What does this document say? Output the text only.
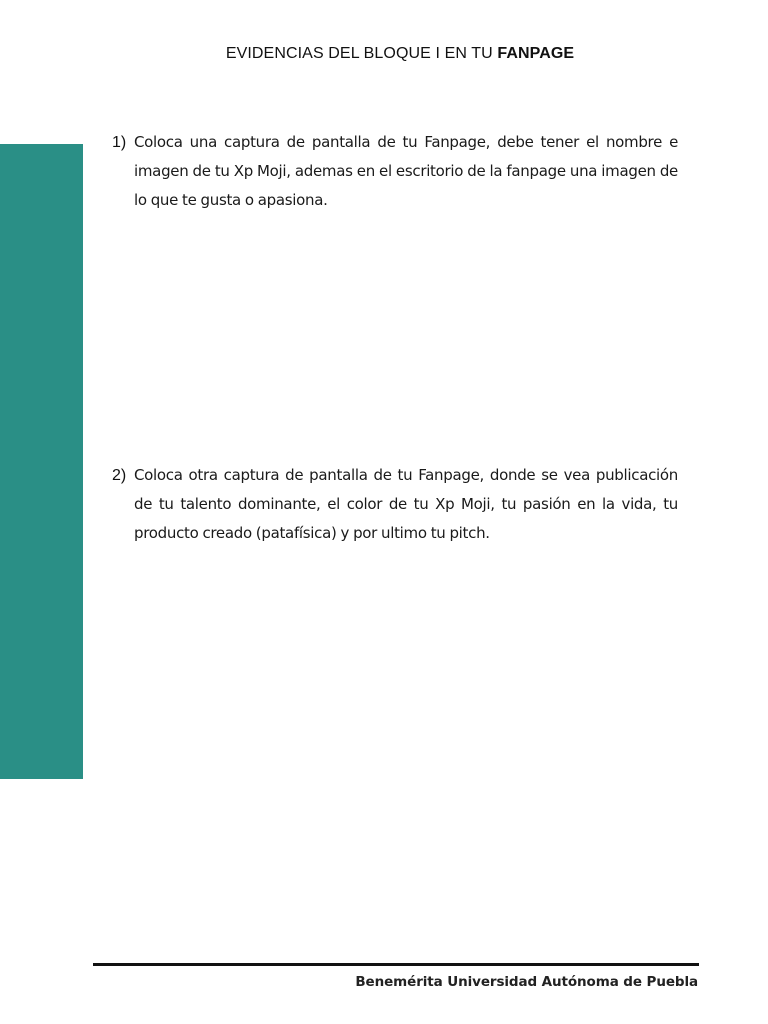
EVIDENCIAS DEL BLOQUE I EN TU FANPAGE
1) Coloca una captura de pantalla de tu Fanpage, debe tener el nombre e imagen de tu Xp Moji, ademas en el escritorio de la fanpage una imagen de lo que te gusta o apasiona.
2) Coloca otra captura de pantalla de tu Fanpage, donde se vea publicación de tu talento dominante, el color de tu Xp Moji, tu pasión en la vida, tu producto creado (patafísica) y por ultimo tu pitch.
Benemérita Universidad Autónoma de Puebla
